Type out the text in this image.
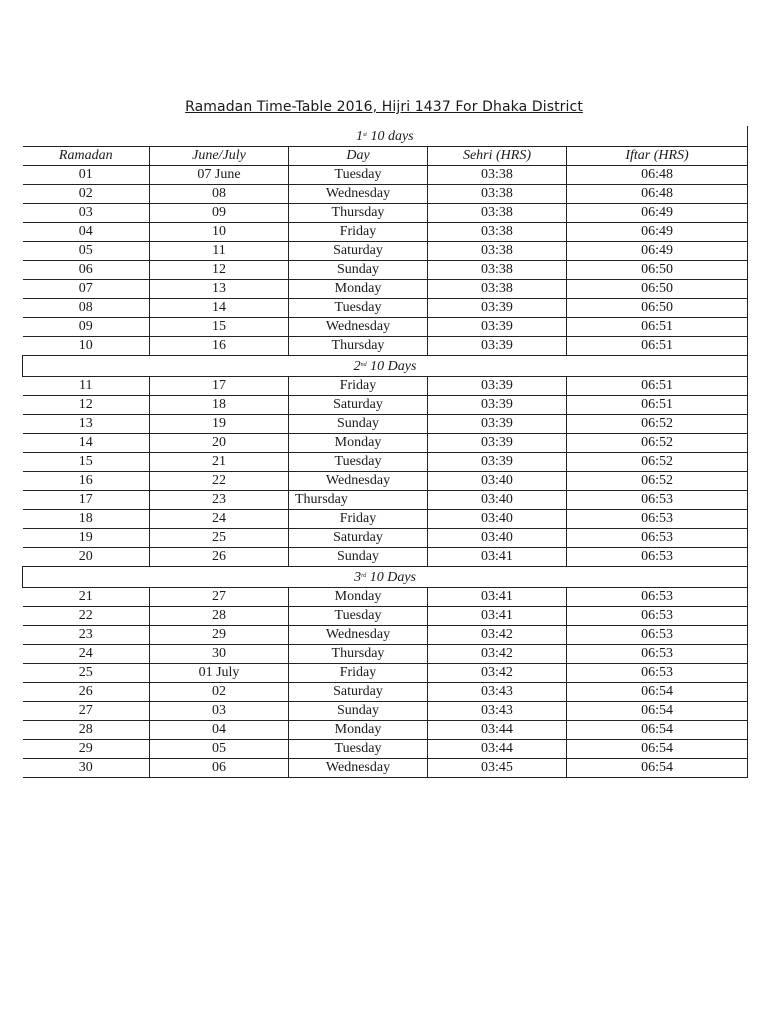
Ramadan Time-Table 2016, Hijri 1437 For Dhaka District
1st 10 days				
Ramadan	June/July	Day	Sehri (HRS)	Iftar (HRS)
01	07 June	Tuesday	03:38	06:48
02	08	Wednesday	03:38	06:48
03	09	Thursday	03:38	06:49
04	10	Friday	03:38	06:49
05	11	Saturday	03:38	06:49
06	12	Sunday	03:38	06:50
07	13	Monday	03:38	06:50
08	14	Tuesday	03:39	06:50
09	15	Wednesday	03:39	06:51
10	16	Thursday	03:39	06:51
2nd 10 Days				
11	17	Friday	03:39	06:51
12	18	Saturday	03:39	06:51
13	19	Sunday	03:39	06:52
14	20	Monday	03:39	06:52
15	21	Tuesday	03:39	06:52
16	22	Wednesday	03:40	06:52
17	23	Thursday	03:40	06:53
18	24	Friday	03:40	06:53
19	25	Saturday	03:40	06:53
20	26	Sunday	03:41	06:53
3rd 10 Days				
21	27	Monday	03:41	06:53
22	28	Tuesday	03:41	06:53
23	29	Wednesday	03:42	06:53
24	30	Thursday	03:42	06:53
25	01 July	Friday	03:42	06:53
26	02	Saturday	03:43	06:54
27	03	Sunday	03:43	06:54
28	04	Monday	03:44	06:54
29	05	Tuesday	03:44	06:54
30	06	Wednesday	03:45	06:54
